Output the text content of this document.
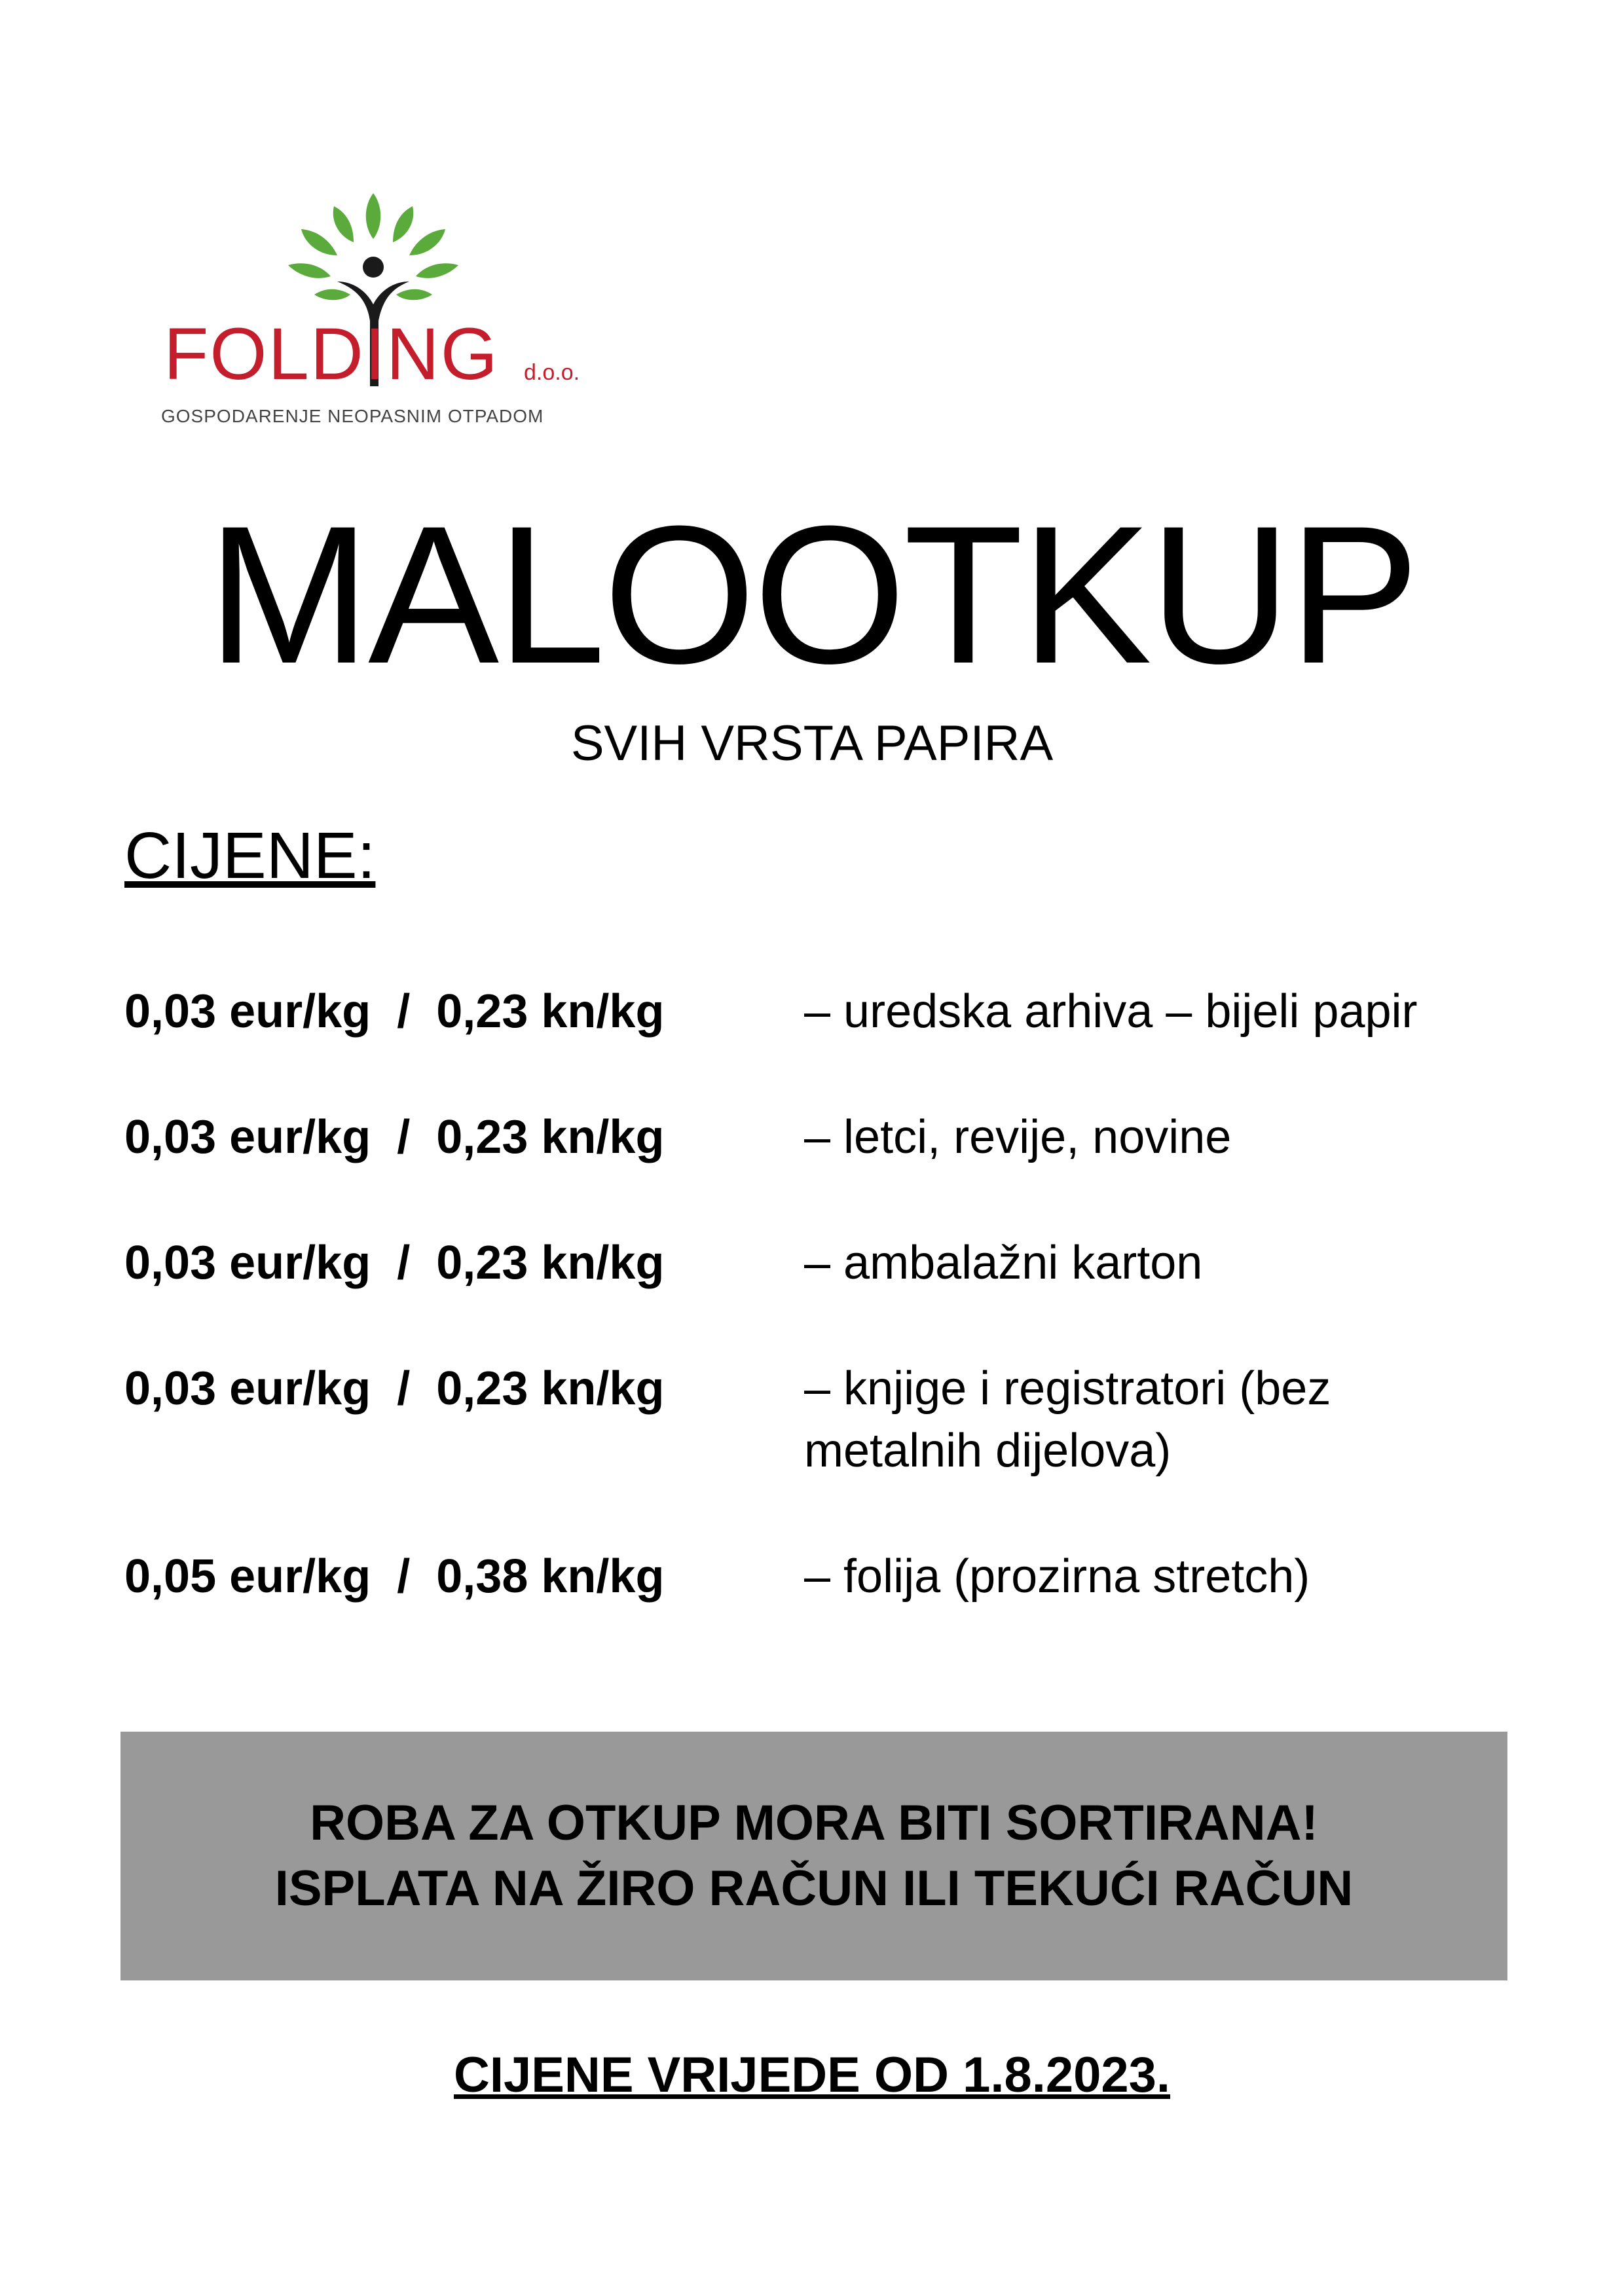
FOLDING d.o.o.
GOSPODARENJE NEOPASNIM OTPADOM
MALOOTKUP
SVIH VRSTA PAPIRA
CIJENE:
0,03 eur/kg / 0,23 kn/kg	– uredska arhiva – bijeli papir
0,03 eur/kg / 0,23 kn/kg	– letci, revije, novine
0,03 eur/kg / 0,23 kn/kg	– ambalažni karton
0,03 eur/kg / 0,23 kn/kg	– knjige i registratori (bez
metalnih dijelova)
0,05 eur/kg / 0,38 kn/kg	– folija (prozirna stretch)
ROBA ZA OTKUP MORA BITI SORTIRANA!
ISPLATA NA ŽIRO RAČUN ILI TEKUĆI RAČUN
CIJENE VRIJEDE OD 1.8.2023.
